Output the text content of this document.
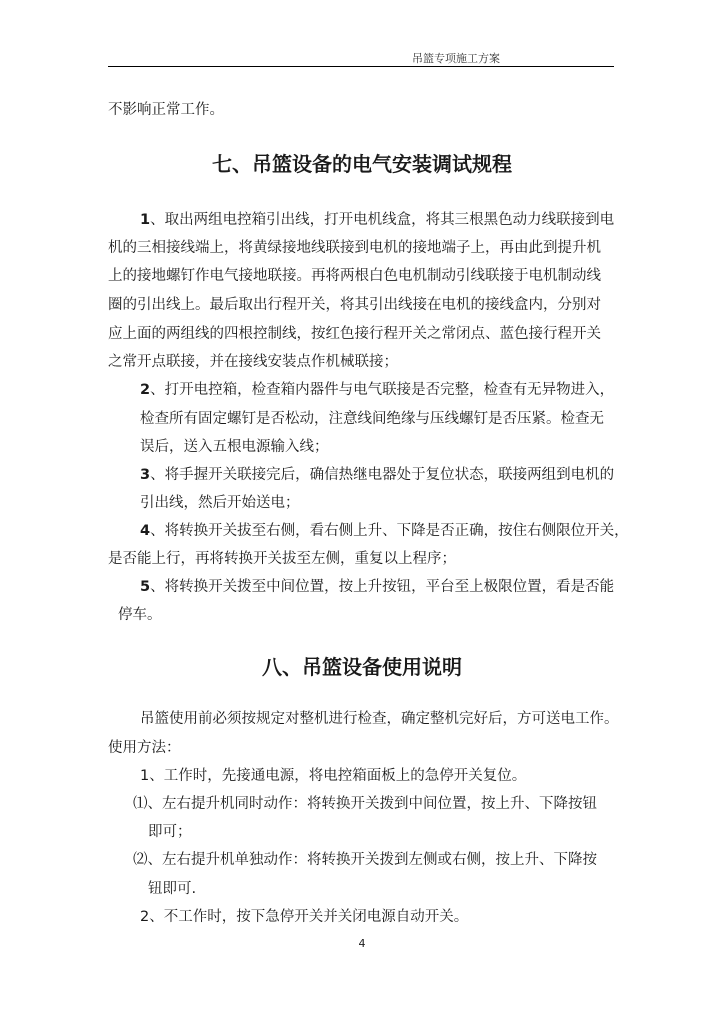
吊篮专项施工方案
不影响正常工作。
七、吊篮设备的电气安装调试规程
1、取出两组电控箱引出线，打开电机线盒，将其三根黑色动力线联接到电
机的三相接线端上，将黄绿接地线联接到电机的接地端子上，再由此到提升机
上的接地螺钉作电气接地联接。再将两根白色电机制动引线联接于电机制动线
圈的引出线上。最后取出行程开关，将其引出线接在电机的接线盒内，分别对
应上面的两组线的四根控制线，按红色接行程开关之常闭点、蓝色接行程开关
之常开点联接，并在接线安装点作机械联接；
2、打开电控箱，检查箱内器件与电气联接是否完整，检查有无异物进入，
检查所有固定螺钉是否松动，注意线间绝缘与压线螺钉是否压紧。检查无
误后，送入五根电源输入线；
3、将手握开关联接完后，确信热继电器处于复位状态，联接两组到电机的
引出线，然后开始送电；
4、将转换开关拔至右侧，看右侧上升、下降是否正确，按住右侧限位开关，
是否能上行，再将转换开关拔至左侧，重复以上程序；
5、将转换开关拨至中间位置，按上升按钮，平台至上极限位置，看是否能
停车。
八、吊篮设备使用说明
吊篮使用前必须按规定对整机进行检查，确定整机完好后，方可送电工作。
使用方法：
1、工作时，先接通电源，将电控箱面板上的急停开关复位。
⑴、左右提升机同时动作：将转换开关拨到中间位置，按上升、下降按钮
即可；
⑵、左右提升机单独动作：将转换开关拨到左侧或右侧，按上升、下降按
钮即可.
2、不工作时，按下急停开关并关闭电源自动开关。
4
